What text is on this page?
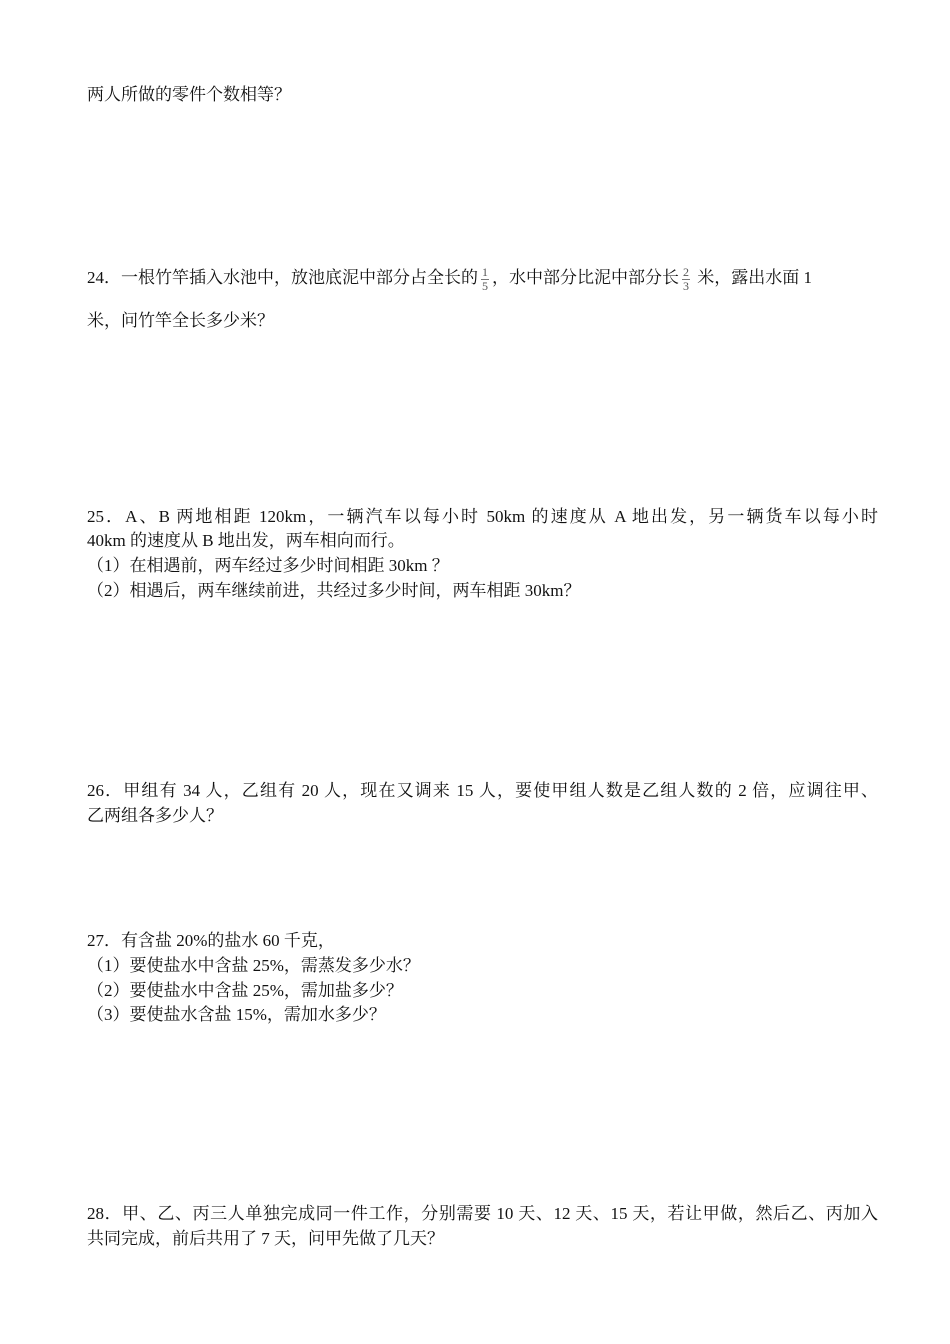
两人所做的零件个数相等？
24．一根竹竿插入水池中，放池底泥中部分占全长的 $\frac{1}{5}$ ，水中部分比泥中部分长 $\frac{2}{3}$ 米，露出水面 1
米，问竹竿全长多少米？
25．A、B 两地相距 120km，一辆汽车以每小时 50km 的速度从 A 地出发，另一辆货车以每小时
40km 的速度从 B 地出发，两车相向而行。
（1）在相遇前，两车经过多少时间相距 30km ？
（2）相遇后，两车继续前进，共经过多少时间，两车相距 30km？
26．甲组有 34 人，乙组有 20 人，现在又调来 15 人，要使甲组人数是乙组人数的 2 倍，应调往甲、
乙两组各多少人？
27．有含盐 20%的盐水 60 千克，
（1）要使盐水中含盐 25%，需蒸发多少水？
（2）要使盐水中含盐 25%，需加盐多少？
（3）要使盐水含盐 15%，需加水多少？
28．甲、乙、丙三人单独完成同一件工作，分别需要 10 天、12 天、15 天，若让甲做，然后乙、丙加入
共同完成，前后共用了 7 天，问甲先做了几天？
